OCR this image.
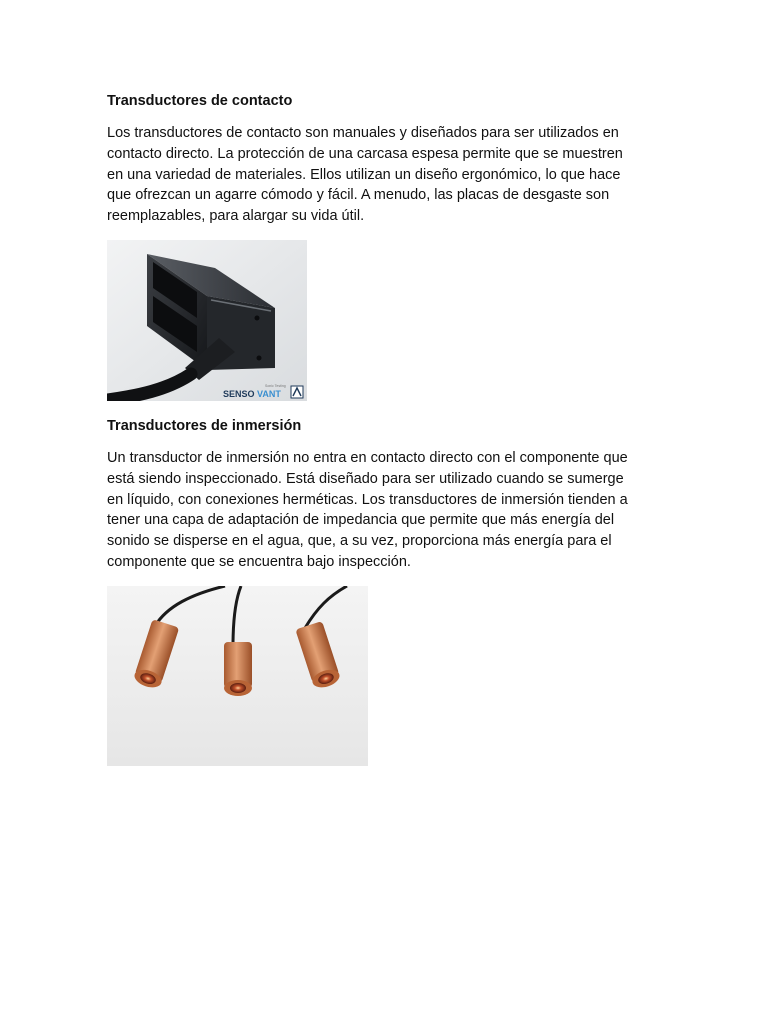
Transductores de contacto

Los transductores de contacto son manuales y diseñados para ser utilizados en
contacto directo. La protección de una carcasa espesa permite que se muestren
en una variedad de materiales. Ellos utilizan un diseño ergonómico, lo que hace
que ofrezcan un agarre cómodo y fácil. A menudo, las placas de desgaste son
reemplazables, para alargar su vida útil.

SENSO VANT
Sonic Testing
Transductores de inmersión

Un transductor de inmersión no entra en contacto directo con el componente que
está siendo inspeccionado. Está diseñado para ser utilizado cuando se sumerge
en líquido, con conexiones herméticas. Los transductores de inmersión tienden a
tener una capa de adaptación de impedancia que permite que más energía del
sonido se disperse en el agua, que, a su vez, proporciona más energía para el
componente que se encuentra bajo inspección.
